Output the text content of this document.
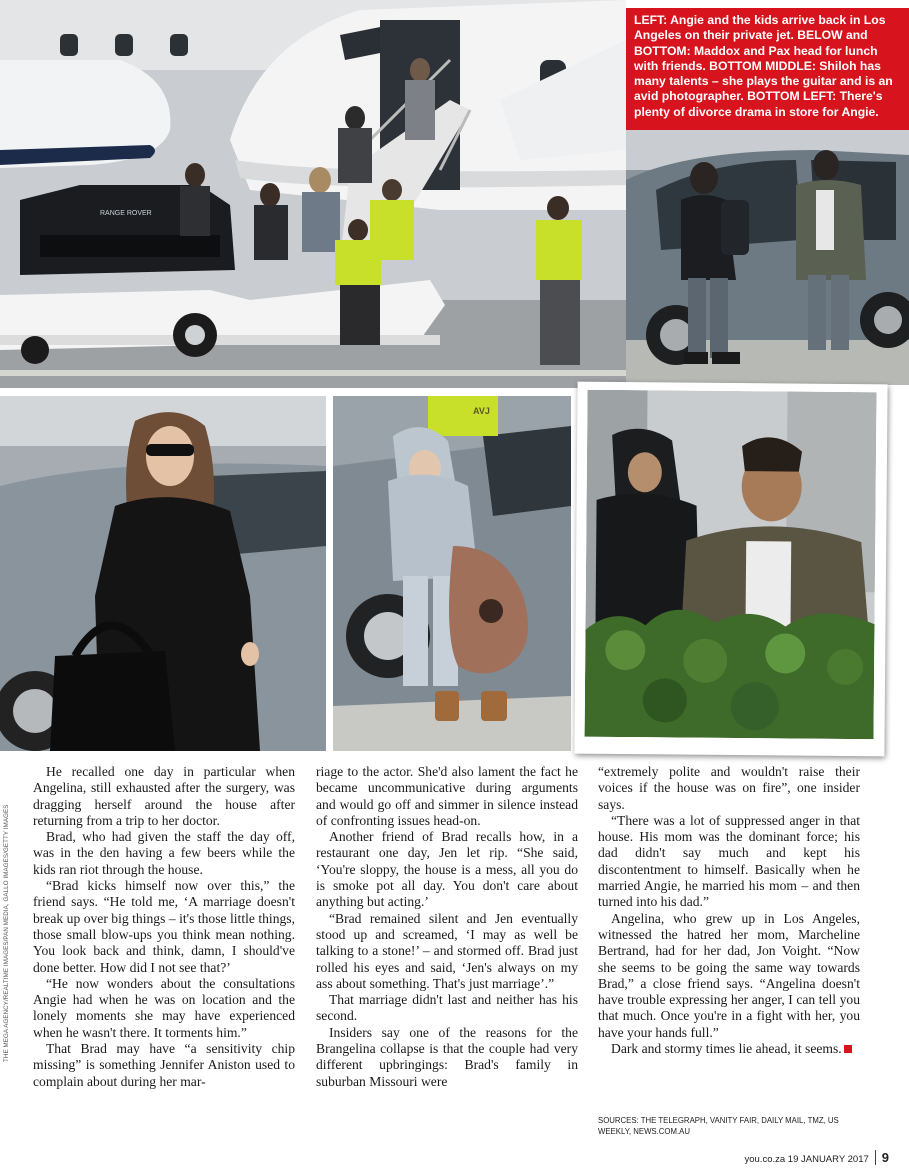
RANGE ROVER
LEFT: Angie and the kids arrive back in Los Angeles on their private jet. BELOW and BOTTOM: Maddox and Pax head for lunch with friends. BOTTOM MIDDLE: Shiloh has many talents – she plays the guitar and is an avid photographer. BOTTOM LEFT: There's plenty of divorce drama in store for Angie.
AVJ

He recalled one day in particular when Angelina, still exhausted after the surgery, was dragging herself around the house after returning from a trip to her doctor.

Brad, who had given the staff the day off, was in the den having a few beers while the kids ran riot through the house.

“Brad kicks himself now over this,” the friend says. “He told me, ‘A marriage doesn't break up over big things – it's those little things, those small blow-ups you think mean nothing. You look back and think, damn, I should've done better. How did I not see that?’

“He now wonders about the consultations Angie had when he was on location and the lonely moments she may have experienced when he wasn't there. It torments him.”

That Brad may have “a sensitivity chip missing” is something Jennifer Aniston used to complain about during her mar-

riage to the actor. She'd also lament the fact he became uncommunicative during arguments and would go off and simmer in silence instead of confronting issues head-on.

Another friend of Brad recalls how, in a restaurant one day, Jen let rip. “She said, ‘You're sloppy, the house is a mess, all you do is smoke pot all day. You don't care about anything but acting.’

“Brad remained silent and Jen eventually stood up and screamed, ‘I may as well be talking to a stone!’ – and stormed off. Brad just rolled his eyes and said, ‘Jen's always on my ass about something. That's just marriage’.”

That marriage didn't last and neither has his second.

Insiders say one of the reasons for the Brangelina collapse is that the couple had very different upbringings: Brad's family in suburban Missouri were

“extremely polite and wouldn't raise their voices if the house was on fire”, one insider says.

“There was a lot of suppressed anger in that house. His mom was the dominant force; his dad didn't say much and kept his discontentment to himself. Basically when he married Angie, he married his mom – and then turned into his dad.”

Angelina, who grew up in Los Angeles, witnessed the hatred her mom, Marcheline Bertrand, had for her dad, Jon Voight. “Now she seems to be going the same way towards Brad,” a close friend says. “Angelina doesn't have trouble expressing her anger, I can tell you that much. Once you're in a fight with her, you have your hands full.”

Dark and stormy times lie ahead, it seems.

THE MEGA AGENCY/REALTIME IMAGES/PAN MEDIA, GALLO IMAGES/GETTY IMAGES
SOURCES: THE TELEGRAPH, VANITY FAIR, DAILY MAIL, TMZ, US WEEKLY, NEWS.COM.AU
you.co.za 19 JANUARY 2017 9
